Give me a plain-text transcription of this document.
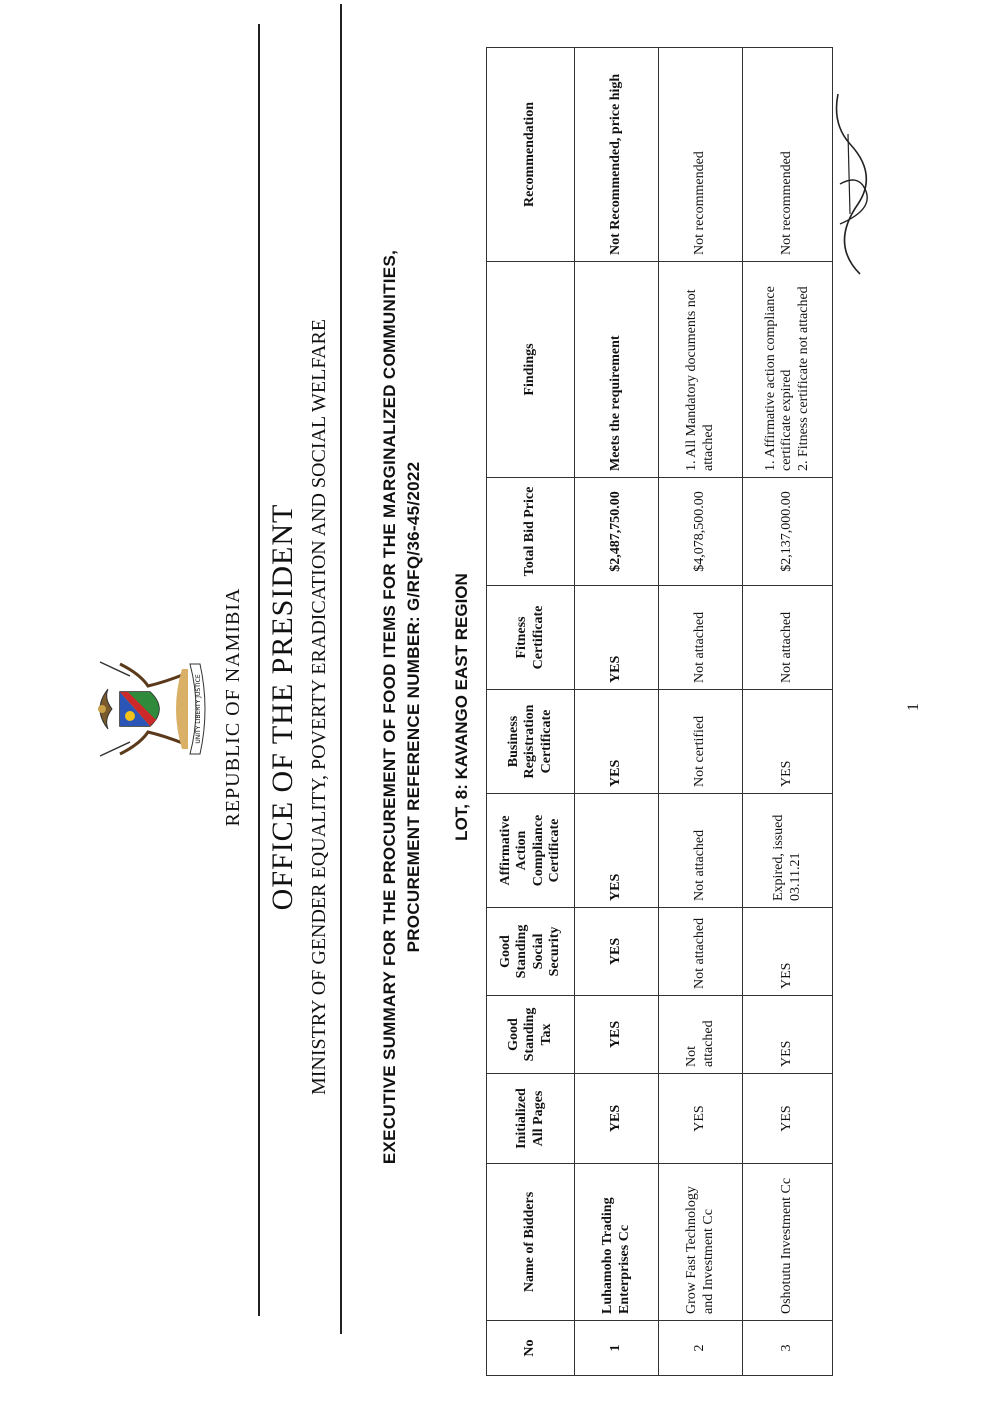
UNITY LIBERTY JUSTICE REPUBLIC OF NAMIBIA OFFICE OF THE PRESIDENT MINISTRY OF GENDER EQUALITY, POVERTY ERADICATION AND SOCIAL WELFARE	EXECUTIVE SUMMARY FOR THE PROCUREMENT OF FOOD ITEMS FOR THE MARGINALIZED COMMUNITIES, PROCUREMENT REFERENCE NUMBER: G/RFQ/36-45/2022 LOT, 8: KAVANGO EAST REGION
No	Name of Bidders	Initialized All Pages	Good Standing Tax	Good Standing Social Security	Affirmative Action Compliance Certificate	Business Registration Certificate	Fitness Certificate	Total Bid Price	Findings	Recommendation
1	Luhamoho Trading Enterprises Cc	YES	YES	YES	YES	YES	YES	$2,487,750.00	Meets the requirement	Not Recommended, price high
2	Grow Fast Technology and Investment Cc	YES	Not attached	Not attached	Not attached	Not certified	Not attached	$4,078,500.00	1. All Mandatory documents not attached	Not recommended
3	Oshotutu Investment Cc	YES	YES	YES	Expired, issued 03.11.21	YES	Not attached	$2,137,000.00	1. Affirmative action compliance certificate expired 2. Fitness certificate not attached	Not recommended
1
